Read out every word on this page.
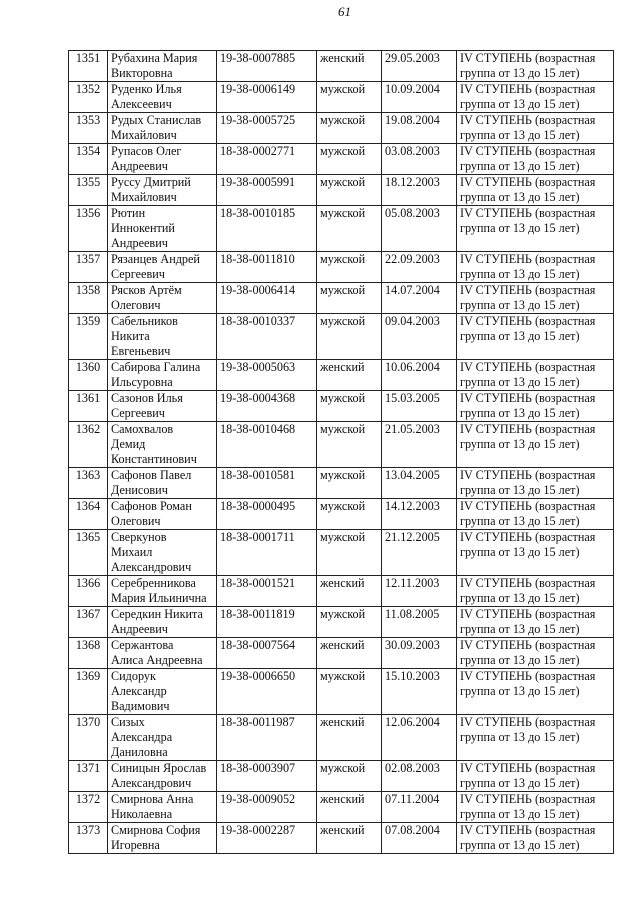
61
1351	Рубахина Мария
Викторовна	19-38-0007885	женский	29.05.2003	IV СТУПЕНЬ (возрастная
группа от 13 до 15 лет)

1352	Руденко Илья
Алексеевич	19-38-0006149	мужской	10.09.2004	IV СТУПЕНЬ (возрастная
группа от 13 до 15 лет)

1353	Рудых Станислав
Михайлович	19-38-0005725	мужской	19.08.2004	IV СТУПЕНЬ (возрастная
группа от 13 до 15 лет)

1354	Рупасов Олег
Андреевич	18-38-0002771	мужской	03.08.2003	IV СТУПЕНЬ (возрастная
группа от 13 до 15 лет)

1355	Руссу Дмитрий
Михайлович	19-38-0005991	мужской	18.12.2003	IV СТУПЕНЬ (возрастная
группа от 13 до 15 лет)

1356	Рютин
Иннокентий
Андреевич	18-38-0010185	мужской	05.08.2003	IV СТУПЕНЬ (возрастная
группа от 13 до 15 лет)

1357	Рязанцев Андрей
Сергеевич	18-38-0011810	мужской	22.09.2003	IV СТУПЕНЬ (возрастная
группа от 13 до 15 лет)

1358	Рясков Артём
Олегович	19-38-0006414	мужской	14.07.2004	IV СТУПЕНЬ (возрастная
группа от 13 до 15 лет)

1359	Сабельников
Никита
Евгеньевич	18-38-0010337	мужской	09.04.2003	IV СТУПЕНЬ (возрастная
группа от 13 до 15 лет)

1360	Сабирова Галина
Ильсуровна	19-38-0005063	женский	10.06.2004	IV СТУПЕНЬ (возрастная
группа от 13 до 15 лет)

1361	Сазонов Илья
Сергеевич	19-38-0004368	мужской	15.03.2005	IV СТУПЕНЬ (возрастная
группа от 13 до 15 лет)

1362	Самохвалов
Демид
Константинович	18-38-0010468	мужской	21.05.2003	IV СТУПЕНЬ (возрастная
группа от 13 до 15 лет)

1363	Сафонов Павел
Денисович	18-38-0010581	мужской	13.04.2005	IV СТУПЕНЬ (возрастная
группа от 13 до 15 лет)

1364	Сафонов Роман
Олегович	18-38-0000495	мужской	14.12.2003	IV СТУПЕНЬ (возрастная
группа от 13 до 15 лет)

1365	Сверкунов
Михаил
Александрович	18-38-0001711	мужской	21.12.2005	IV СТУПЕНЬ (возрастная
группа от 13 до 15 лет)

1366	Серебренникова
Мария Ильинична	18-38-0001521	женский	12.11.2003	IV СТУПЕНЬ (возрастная
группа от 13 до 15 лет)

1367	Середкин Никита
Андреевич	18-38-0011819	мужской	11.08.2005	IV СТУПЕНЬ (возрастная
группа от 13 до 15 лет)

1368	Сержантова
Алиса Андреевна	18-38-0007564	женский	30.09.2003	IV СТУПЕНЬ (возрастная
группа от 13 до 15 лет)

1369	Сидорук
Александр
Вадимович	19-38-0006650	мужской	15.10.2003	IV СТУПЕНЬ (возрастная
группа от 13 до 15 лет)

1370	Сизых
Александра
Даниловна	18-38-0011987	женский	12.06.2004	IV СТУПЕНЬ (возрастная
группа от 13 до 15 лет)

1371	Синицын Ярослав
Александрович	18-38-0003907	мужской	02.08.2003	IV СТУПЕНЬ (возрастная
группа от 13 до 15 лет)

1372	Смирнова Анна
Николаевна	19-38-0009052	женский	07.11.2004	IV СТУПЕНЬ (возрастная
группа от 13 до 15 лет)

1373	Смирнова София
Игоревна	19-38-0002287	женский	07.08.2004	IV СТУПЕНЬ (возрастная
группа от 13 до 15 лет)
